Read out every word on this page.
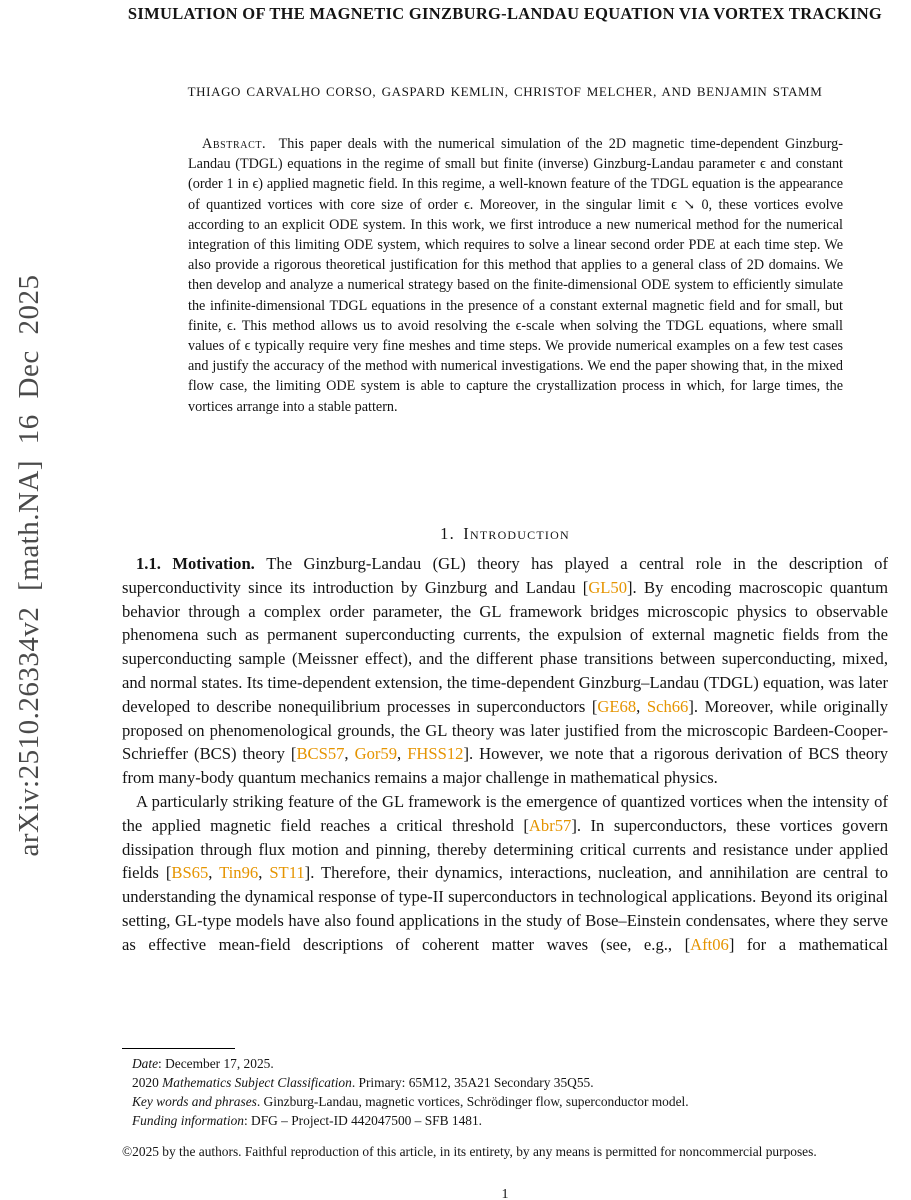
arXiv:2510.26334v2 [math.NA] 16 Dec 2025
SIMULATION OF THE MAGNETIC GINZBURG-LANDAU EQUATION VIA VORTEX TRACKING
THIAGO CARVALHO CORSO, GASPARD KEMLIN, CHRISTOF MELCHER, AND BENJAMIN STAMM

Abstract. This paper deals with the numerical simulation of the 2D magnetic time-dependent Ginzburg-Landau (TDGL) equations in the regime of small but finite (inverse) Ginzburg-Landau parameter ϵ and constant (order 1 in ϵ) applied magnetic field. In this regime, a well-known feature of the TDGL equation is the appearance of quantized vortices with core size of order ϵ. Moreover, in the singular limit ϵ ↘ 0, these vortices evolve according to an explicit ODE system. In this work, we first introduce a new numerical method for the numerical integration of this limiting ODE system, which requires to solve a linear second order PDE at each time step. We also provide a rigorous theoretical justification for this method that applies to a general class of 2D domains. We then develop and analyze a numerical strategy based on the finite-dimensional ODE system to efficiently simulate the infinite-dimensional TDGL equations in the presence of a constant external magnetic field and for small, but finite, ϵ. This method allows us to avoid resolving the ϵ-scale when solving the TDGL equations, where small values of ϵ typically require very fine meshes and time steps. We provide numerical examples on a few test cases and justify the accuracy of the method with numerical investigations. We end the paper showing that, in the mixed flow case, the limiting ODE system is able to capture the crystallization process in which, for large times, the vortices arrange into a stable pattern.

1. Introduction

1.1. Motivation. The Ginzburg-Landau (GL) theory has played a central role in the description of superconductivity since its introduction by Ginzburg and Landau [GL50]. By encoding macroscopic quantum behavior through a complex order parameter, the GL framework bridges microscopic physics to observable phenomena such as permanent superconducting currents, the expulsion of external magnetic fields from the superconducting sample (Meissner effect), and the different phase transitions between superconducting, mixed, and normal states. Its time-dependent extension, the time-dependent Ginzburg–Landau (TDGL) equation, was later developed to describe nonequilibrium processes in superconductors [GE68, Sch66]. Moreover, while originally proposed on phenomenological grounds, the GL theory was later justified from the microscopic Bardeen-Cooper-Schrieffer (BCS) theory [BCS57, Gor59, FHSS12]. However, we note that a rigorous derivation of BCS theory from many-body quantum mechanics remains a major challenge in mathematical physics.

A particularly striking feature of the GL framework is the emergence of quantized vortices when the intensity of the applied magnetic field reaches a critical threshold [Abr57]. In superconductors, these vortices govern dissipation through flux motion and pinning, thereby determining critical currents and resistance under applied fields [BS65, Tin96, ST11]. Therefore, their dynamics, interactions, nucleation, and annihilation are central to understanding the dynamical response of type-II superconductors in technological applications. Beyond its original setting, GL-type models have also found applications in the study of Bose–Einstein condensates, where they serve as effective mean-field descriptions of coherent matter waves (see, e.g., [Aft06] for a mathematical

Date: December 17, 2025.

2020 Mathematics Subject Classification. Primary: 65M12, 35A21 Secondary 35Q55.

Key words and phrases. Ginzburg-Landau, magnetic vortices, Schrödinger flow, superconductor model.

Funding information: DFG – Project-ID 442047500 – SFB 1481.

©2025 by the authors. Faithful reproduction of this article, in its entirety, by any means is permitted for noncommercial purposes.

1
